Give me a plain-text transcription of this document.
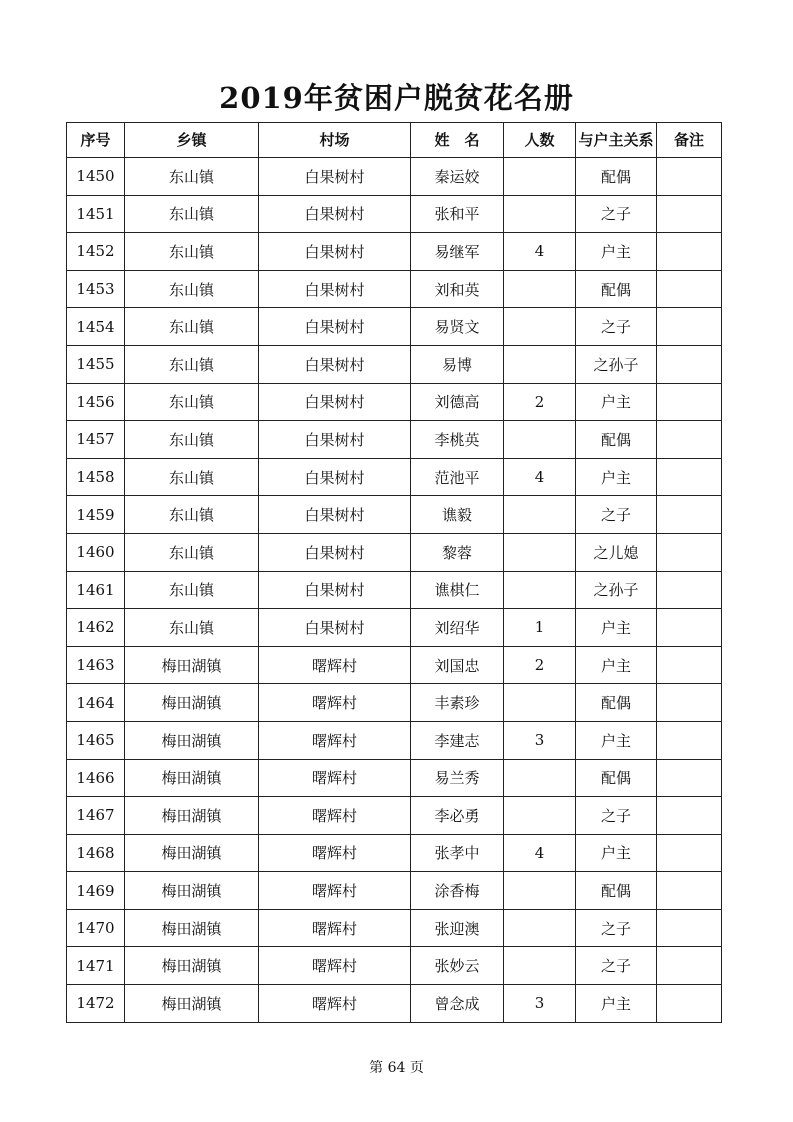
2019年贫困户脱贫花名册
序号	乡镇	村场	姓　名	人数	与户主关系	备注
1450	东山镇	白果树村	秦运姣		配偶	
1451	东山镇	白果树村	张和平		之子	
1452	东山镇	白果树村	易继军	4	户主	
1453	东山镇	白果树村	刘和英		配偶	
1454	东山镇	白果树村	易贤文		之子	
1455	东山镇	白果树村	易博		之孙子	
1456	东山镇	白果树村	刘德高	2	户主	
1457	东山镇	白果树村	李桃英		配偶	
1458	东山镇	白果树村	范池平	4	户主	
1459	东山镇	白果树村	谯毅		之子	
1460	东山镇	白果树村	黎蓉		之儿媳	
1461	东山镇	白果树村	谯棋仁		之孙子	
1462	东山镇	白果树村	刘绍华	1	户主	
1463	梅田湖镇	曙辉村	刘国忠	2	户主	
1464	梅田湖镇	曙辉村	丰素珍		配偶	
1465	梅田湖镇	曙辉村	李建志	3	户主	
1466	梅田湖镇	曙辉村	易兰秀		配偶	
1467	梅田湖镇	曙辉村	李必勇		之子	
1468	梅田湖镇	曙辉村	张孝中	4	户主	
1469	梅田湖镇	曙辉村	涂香梅		配偶	
1470	梅田湖镇	曙辉村	张迎澳		之子	
1471	梅田湖镇	曙辉村	张妙云		之子	
1472	梅田湖镇	曙辉村	曾念成	3	户主	
第 64 页
